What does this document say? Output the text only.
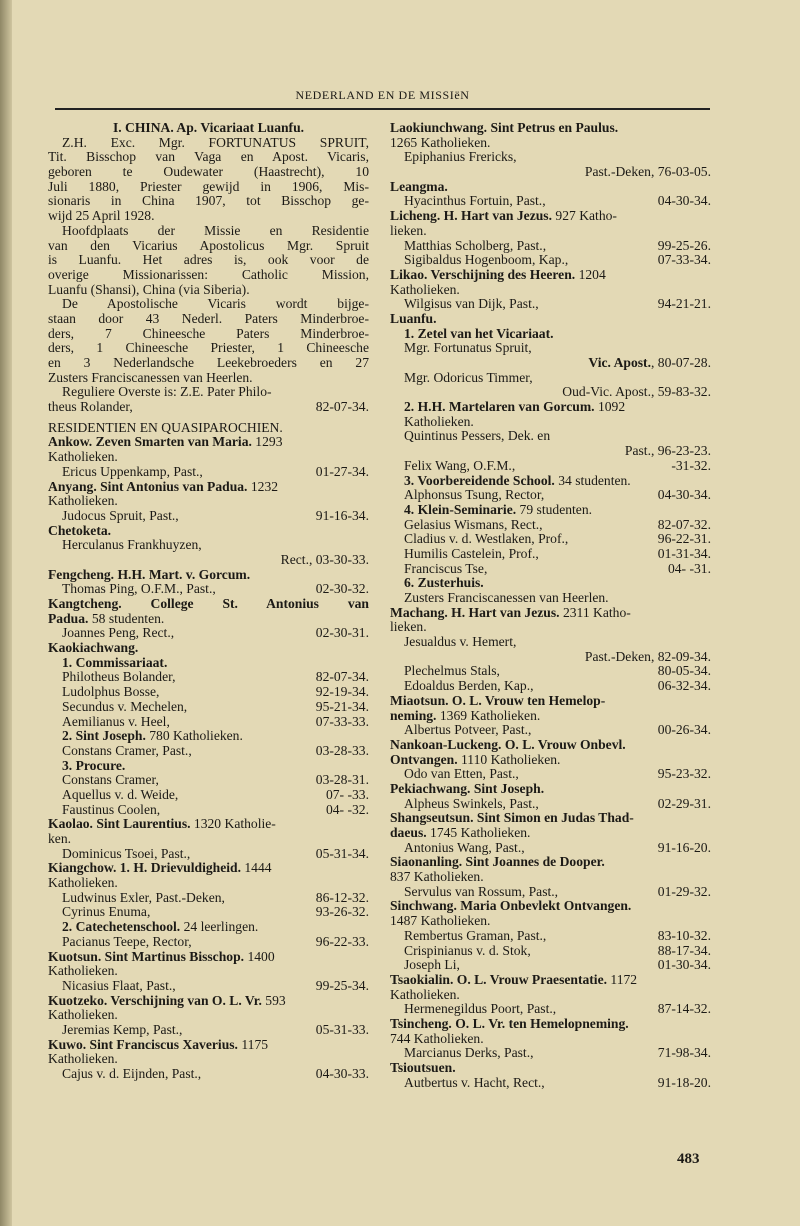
NEDERLAND EN DE MISSIëN
I. CHINA. Ap. Vicariaat Luanfu.
Z.H. Exc. Mgr. FORTUNATUS SPRUIT,
Tit. Bisschop van Vaga en Apost. Vicaris,
geboren te Oudewater (Haastrecht), 10
Juli 1880, Priester gewijd in 1906, Mis-
sionaris in China 1907, tot Bisschop ge-
wijd 25 April 1928.
Hoofdplaats der Missie en Residentie
van den Vicarius Apostolicus Mgr. Spruit
is Luanfu. Het adres is, ook voor de
overige Missionarissen: Catholic Mission,
Luanfu (Shansi), China (via Siberia).
De Apostolische Vicaris wordt bijge-
staan door 43 Nederl. Paters Minderbroe-
ders, 7 Chineesche Paters Minderbroe-
ders, 1 Chineesche Priester, 1 Chineesche
en 3 Nederlandsche Leekebroeders en 27
Zusters Franciscanessen van Heerlen.
Reguliere Overste is: Z.E. Pater Philo-
theus Rolander,	82-07-34.
RESIDENTIEN EN QUASIPAROCHIEN.
Ankow. Zeven Smarten van Maria. 1293
Katholieken.
Ericus Uppenkamp, Past.,	01-27-34.
Anyang. Sint Antonius van Padua. 1232
Katholieken.
Judocus Spruit, Past.,	91-16-34.
Chetoketa.
Herculanus Frankhuyzen,
Rect., 03-30-33.
Fengcheng. H.H. Mart. v. Gorcum.
Thomas Ping, O.F.M., Past.,	02-30-32.
Kangtcheng. College St. Antonius van
Padua. 58 studenten.
Joannes Peng, Rect.,	02-30-31.
Kaokiachwang.
1. Commissariaat.
Philotheus Bolander,	82-07-34.
Ludolphus Bosse,	92-19-34.
Secundus v. Mechelen,	95-21-34.
Aemilianus v. Heel,	07-33-33.
2. Sint Joseph. 780 Katholieken.
Constans Cramer, Past.,	03-28-33.
3. Procure.
Constans Cramer,	03-28-31.
Aquellus v. d. Weide,	07- -33.
Faustinus Coolen,	04- -32.
Kaolao. Sint Laurentius. 1320 Katholie-
ken.
Dominicus Tsoei, Past.,	05-31-34.
Kiangchow. 1. H. Drievuldigheid. 1444
Katholieken.
Ludwinus Exler, Past.-Deken,	86-12-32.
Cyrinus Enuma,	93-26-32.
2. Catechetenschool. 24 leerlingen.
Pacianus Teepe, Rector,	96-22-33.
Kuotsun. Sint Martinus Bisschop. 1400
Katholieken.
Nicasius Flaat, Past.,	99-25-34.
Kuotzeko. Verschijning van O. L. Vr. 593
Katholieken.
Jeremias Kemp, Past.,	05-31-33.
Kuwo. Sint Franciscus Xaverius. 1175
Katholieken.
Cajus v. d. Eijnden, Past.,	04-30-33.
Laokiunchwang. Sint Petrus en Paulus.
1265 Katholieken.
Epiphanius Frericks,
Past.-Deken, 76-03-05.
Leangma.
Hyacinthus Fortuin, Past.,	04-30-34.
Licheng. H. Hart van Jezus. 927 Katho-
lieken.
Matthias Scholberg, Past.,	99-25-26.
Sigibaldus Hogenboom, Kap.,	07-33-34.
Likao. Verschijning des Heeren. 1204
Katholieken.
Wilgisus van Dijk, Past.,	94-21-21.
Luanfu.
1. Zetel van het Vicariaat.
Mgr. Fortunatus Spruit,
Vic. Apost., 80-07-28.
Mgr. Odoricus Timmer,
Oud-Vic. Apost., 59-83-32.
2. H.H. Martelaren van Gorcum. 1092
Katholieken.
Quintinus Pessers, Dek. en
Past., 96-23-23.
Felix Wang, O.F.M.,	-31-32.
3. Voorbereidende School. 34 studenten.
Alphonsus Tsung, Rector,	04-30-34.
4. Klein-Seminarie. 79 studenten.
Gelasius Wismans, Rect.,	82-07-32.
Cladius v. d. Westlaken, Prof.,	96-22-31.
Humilis Castelein, Prof.,	01-31-34.
Franciscus Tse,	04- -31.
6. Zusterhuis.
Zusters Franciscanessen van Heerlen.
Machang. H. Hart van Jezus. 2311 Katho-
lieken.
Jesualdus v. Hemert,
Past.-Deken, 82-09-34.
Plechelmus Stals,	80-05-34.
Edoaldus Berden, Kap.,	06-32-34.
Miaotsun. O. L. Vrouw ten Hemelop-
neming. 1369 Katholieken.
Albertus Potveer, Past.,	00-26-34.
Nankoan-Luckeng. O. L. Vrouw Onbevl.
Ontvangen. 1110 Katholieken.
Odo van Etten, Past.,	95-23-32.
Pekiachwang. Sint Joseph.
Alpheus Swinkels, Past.,	02-29-31.
Shangseutsun. Sint Simon en Judas Thad-
daeus. 1745 Katholieken.
Antonius Wang, Past.,	91-16-20.
Siaonanling. Sint Joannes de Dooper.
837 Katholieken.
Servulus van Rossum, Past.,	01-29-32.
Sinchwang. Maria Onbevlekt Ontvangen.
1487 Katholieken.
Rembertus Graman, Past.,	83-10-32.
Crispinianus v. d. Stok,	88-17-34.
Joseph Li,	01-30-34.
Tsaokialin. O. L. Vrouw Praesentatie. 1172
Katholieken.
Hermenegildus Poort, Past.,	87-14-32.
Tsincheng. O. L. Vr. ten Hemelopneming.
744 Katholieken.
Marcianus Derks, Past.,	71-98-34.
Tsioutsuen.
Autbertus v. Hacht, Rect.,	91-18-20.
483
